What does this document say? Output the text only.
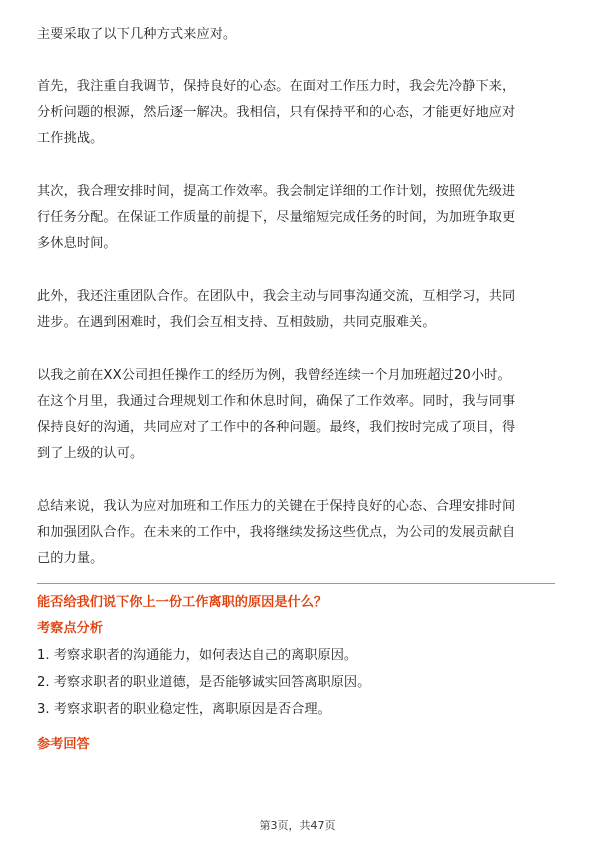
主要采取了以下几种方式来应对。

首先，我注重自我调节，保持良好的心态。在面对工作压力时，我会先冷静下来，
分析问题的根源，然后逐一解决。我相信，只有保持平和的心态，才能更好地应对
工作挑战。

其次，我合理安排时间，提高工作效率。我会制定详细的工作计划，按照优先级进
行任务分配。在保证工作质量的前提下，尽量缩短完成任务的时间，为加班争取更
多休息时间。

此外，我还注重团队合作。在团队中，我会主动与同事沟通交流，互相学习，共同
进步。在遇到困难时，我们会互相支持、互相鼓励，共同克服难关。

以我之前在XX公司担任操作工的经历为例，我曾经连续一个月加班超过20小时。
在这个月里，我通过合理规划工作和休息时间，确保了工作效率。同时，我与同事
保持良好的沟通，共同应对了工作中的各种问题。最终，我们按时完成了项目，得
到了上级的认可。

总结来说，我认为应对加班和工作压力的关键在于保持良好的心态、合理安排时间
和加强团队合作。在未来的工作中，我将继续发扬这些优点，为公司的发展贡献自
己的力量。

能否给我们说下你上一份工作离职的原因是什么？

考察点分析

1. 考察求职者的沟通能力，如何表达自己的离职原因。

2. 考察求职者的职业道德，是否能够诚实回答离职原因。

3. 考察求职者的职业稳定性，离职原因是否合理。

参考回答

第3页，共47页
